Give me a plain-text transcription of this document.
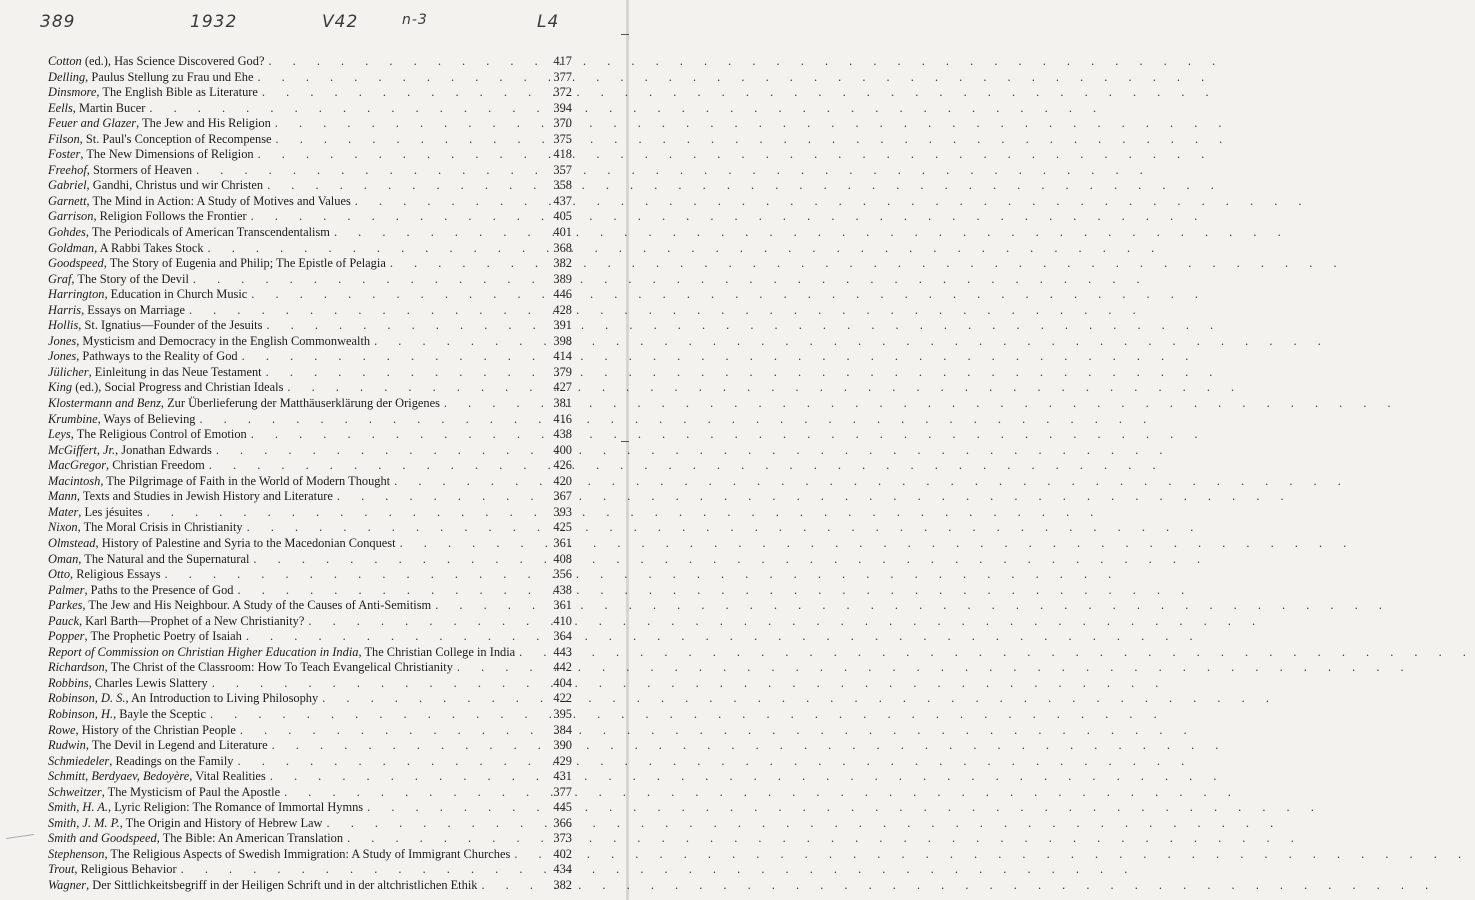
389	1932	V42	n-3	L4
Cotton (ed.), Has Science Discovered God? . . .	417
Delling, Paulus Stellung zu Frau und Ehe . . .	377
Dinsmore, The English Bible as Literature . . .	372
Eells, Martin Bucer . . .	394
Feuer and Glazer, The Jew and His Religion . . .	370
Filson, St. Paul's Conception of Recompense . . .	375
Foster, The New Dimensions of Religion . . .	418
Freehof, Stormers of Heaven . . .	357
Gabriel, Gandhi, Christus und wir Christen . . .	358
Garnett, The Mind in Action: A Study of Motives and Values . . .	437
Garrison, Religion Follows the Frontier . . .	405
Gohdes, The Periodicals of American Transcendentalism . . .	401
Goldman, A Rabbi Takes Stock . . .	368
Goodspeed, The Story of Eugenia and Philip; The Epistle of Pelagia . . .	382
Graf, The Story of the Devil . . .	389
Harrington, Education in Church Music . . .	446
Harris, Essays on Marriage . . .	428
Hollis, St. Ignatius—Founder of the Jesuits . . .	391
Jones, Mysticism and Democracy in the English Commonwealth . . .	398
Jones, Pathways to the Reality of God . . .	414
Jülicher, Einleitung in das Neue Testament . . .	379
King (ed.), Social Progress and Christian Ideals . . .	427
Klostermann and Benz, Zur Überlieferung der Matthäuserklärung der Origenes . . .	381
Krumbine, Ways of Believing . . .	416
Leys, The Religious Control of Emotion . . .	438
McGiffert, Jr., Jonathan Edwards . . .	400
MacGregor, Christian Freedom . . .	426
Macintosh, The Pilgrimage of Faith in the World of Modern Thought . . .	420
Mann, Texts and Studies in Jewish History and Literature . . .	367
Mater, Les jésuites . . .	393
Nixon, The Moral Crisis in Christianity . . .	425
Olmstead, History of Palestine and Syria to the Macedonian Conquest . . .	361
Oman, The Natural and the Supernatural . . .	408
Otto, Religious Essays . . .	356
Palmer, Paths to the Presence of God . . .	438
Parkes, The Jew and His Neighbour. A Study of the Causes of Anti-Semitism . . .	361
Pauck, Karl Barth—Prophet of a New Christianity? . . .	410
Popper, The Prophetic Poetry of Isaiah . . .	364
Report of Commission on Christian Higher Education in India, The Christian College in India . . .	443
Richardson, The Christ of the Classroom: How To Teach Evangelical Christianity . . .	442
Robbins, Charles Lewis Slattery . . .	404
Robinson, D. S., An Introduction to Living Philosophy . . .	422
Robinson, H., Bayle the Sceptic . . .	395
Rowe, History of the Christian People . . .	384
Rudwin, The Devil in Legend and Literature . . .	390
Schmiedeler, Readings on the Family . . .	429
Schmitt, Berdyaev, Bedoyère, Vital Realities . . .	431
Schweitzer, The Mysticism of Paul the Apostle . . .	377
Smith, H. A., Lyric Religion: The Romance of Immortal Hymns . . .	445
Smith, J. M. P., The Origin and History of Hebrew Law . . .	366
Smith and Goodspeed, The Bible: An American Translation . . .	373
Stephenson, The Religious Aspects of Swedish Immigration: A Study of Immigrant Churches . . .	402
Trout, Religious Behavior . . .	434
Wagner, Der Sittlichkeitsbegriff in der Heiligen Schrift und in der altchristlichen Ethik . . .	382
